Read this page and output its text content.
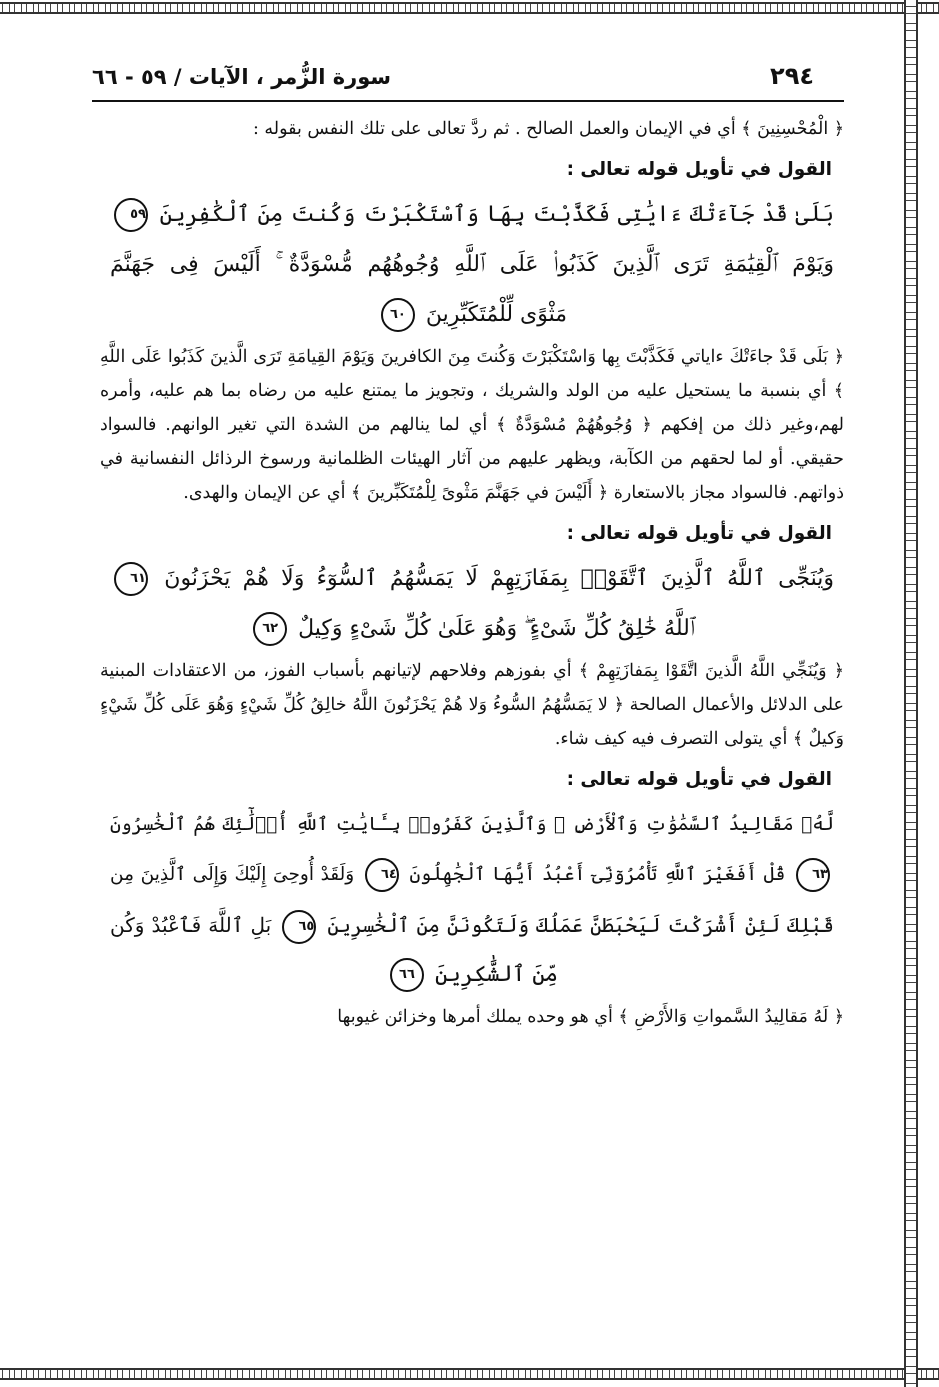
٢٩٤
سورة الزُّمر ، الآيات / ٥٩ - ٦٦

﴿ الْمُحْسِنِينَ ﴾ أي في الإيمان والعمل الصالح . ثم ردَّ تعالى على تلك النفس بقوله :

القول في تأويل قوله تعالى :
بَلَىٰ قَدْ جَآءَتْكَ ءَايَٰتِى فَكَذَّبْتَ بِهَا وَٱسْتَكْبَرْتَ وَكُنتَ مِنَ ٱلْكَٰفِرِينَ ٥٩
وَيَوْمَ ٱلْقِيَٰمَةِ تَرَى ٱلَّذِينَ كَذَبُوا۟ عَلَى ٱللَّهِ وُجُوهُهُم مُّسْوَدَّةٌ ۚ أَلَيْسَ فِى جَهَنَّمَ
مَثْوًى لِّلْمُتَكَبِّرِينَ ٦٠

﴿ بَلَى قَدْ جاءَتْكَ ءاياتي فَكَذَّبْتَ بِها وَاسْتَكْبَرْتَ وَكُنتَ مِنَ الكافرينَ وَيَوْمَ القِيامَةِ تَرَى الَّذينَ كَذَبُوا عَلَى اللَّهِ ﴾ أي بنسبة ما يستحيل عليه من الولد والشريك ، وتجويز ما يمتنع عليه من رضاه بما هم عليه، وأمره لهم،وغير ذلك من إفكهم ﴿ وُجُوهُهُمْ مُسْوَدَّةٌ ﴾ أي لما ينالهم من الشدة التي تغير الوانهم. فالسواد حقيقي. أو لما لحقهم من الكآبة، ويظهر عليهم من آثار الهيئات الظلمانية ورسوخ الرذائل النفسانية في ذواتهم. فالسواد مجاز بالاستعارة ﴿ أَلَيْسَ في جَهَنَّمَ مَثْوىً لِلْمُتَكَبِّرينَ ﴾ أي عن الإيمان والهدى.

القول في تأويل قوله تعالى :
وَيُنَجِّى ٱللَّهُ ٱلَّذِينَ ٱتَّقَوْا۟ بِمَفَازَتِهِمْ لَا يَمَسُّهُمُ ٱلسُّوٓءُ وَلَا هُمْ يَحْزَنُونَ ٦١
ٱللَّهُ خَٰلِقُ كُلِّ شَىْءٍ ۖ وَهُوَ عَلَىٰ كُلِّ شَىْءٍ وَكِيلٌ ٦٢

﴿ وَيُنَجِّي اللَّهُ الَّذينَ اتَّقَوْا بِمَفازَتِهِمْ ﴾ أي بفوزهم وفلاحهم لإتيانهم بأسباب الفوز، من الاعتقادات المبنية على الدلائل والأعمال الصالحة ﴿ لا يَمَسُّهُمُ السُّوءُ وَلا هُمْ يَحْزَنُونَ اللَّهُ خالِقُ كُلِّ شَيْءٍ وَهُوَ عَلَى كُلِّ شَيْءٍ وَكيلٌ ﴾ أي يتولى التصرف فيه كيف شاء.

القول في تأويل قوله تعالى :
لَّهُۥ مَقَالِيدُ ٱلسَّمَٰوَٰتِ وَٱلْأَرْضِ ۗ وَٱلَّذِينَ كَفَرُوا۟ بِـَٔايَٰتِ ٱللَّهِ أُو۟لَٰٓئِكَ هُمُ ٱلْخَٰسِرُونَ
٦٣ قُلْ أَفَغَيْرَ ٱللَّهِ تَأْمُرُوٓنِّىٓ أَعْبُدُ أَيُّهَا ٱلْجَٰهِلُونَ ٦٤ وَلَقَدْ أُوحِىَ إِلَيْكَ وَإِلَى ٱلَّذِينَ مِن
قَبْلِكَ لَئِنْ أَشْرَكْتَ لَيَحْبَطَنَّ عَمَلُكَ وَلَتَكُونَنَّ مِنَ ٱلْخَٰسِرِينَ ٦٥ بَلِ ٱللَّهَ فَٱعْبُدْ وَكُن
مِّنَ ٱلشَّٰكِرِينَ ٦٦

﴿ لَهُ مَقالِيدُ السَّمواتِ وَالأَرْضِ ﴾ أي هو وحده يملك أمرها وخزائن غيوبها
